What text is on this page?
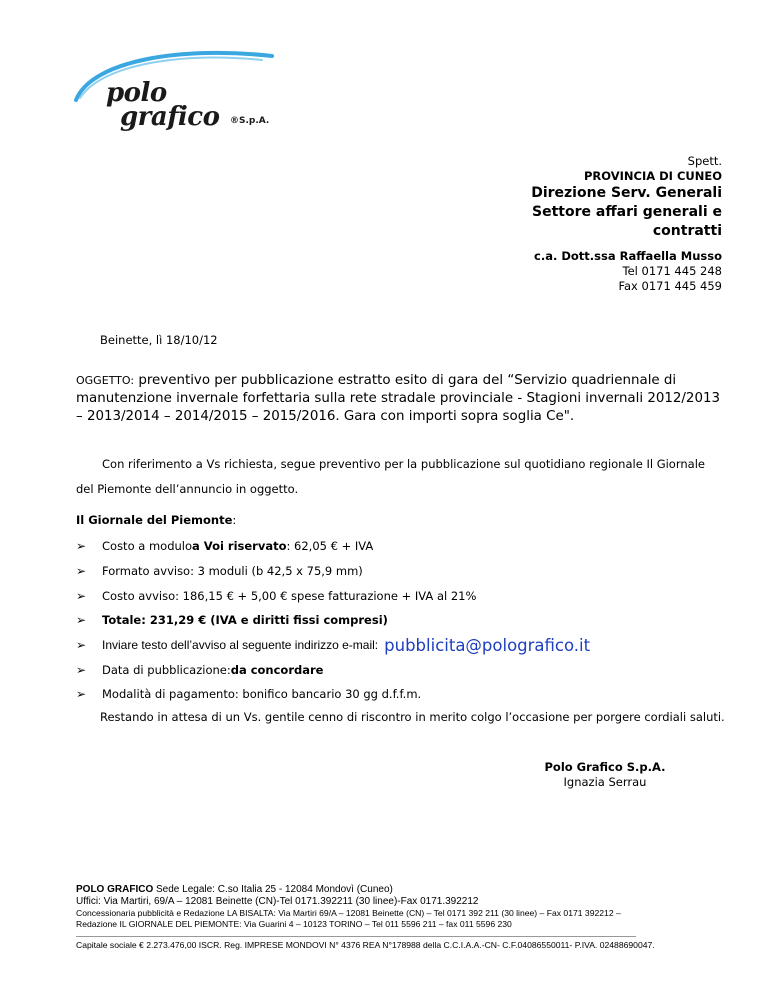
polo
grafico ®S.p.A.
Spett.
PROVINCIA DI CUNEO
Direzione Serv. Generali
Settore affari generali e
contratti
c.a. Dott.ssa Raffaella Musso
Tel 0171 445 248
Fax 0171 445 459
Beinette, lì 18/10/12
OGGETTO: preventivo per pubblicazione estratto esito di gara del “Servizio quadriennale di manutenzione invernale forfettaria sulla rete stradale provinciale - Stagioni invernali 2012/2013 – 2013/2014 – 2014/2015 – 2015/2016. Gara con importi sopra soglia Ce".
Con riferimento a Vs richiesta, segue preventivo per la pubblicazione sul quotidiano regionale Il Giornale del Piemonte dell’annuncio in oggetto.
Il Giornale del Piemonte:
➢	Costo a modulo a Voi riservato : 62,05 € + IVA
➢	Formato avviso: 3 moduli (b 42,5 x 75,9 mm)
➢	Costo avviso: 186,15 € + 5,00 € spese fatturazione + IVA al 21%
➢	Totale: 231,29 € (IVA e diritti fissi compresi)
➢	Inviare testo dell’avviso al seguente indirizzo e-mail: pubblicita@polografico.it
➢	Data di pubblicazione: da concordare
➢	Modalità di pagamento: bonifico bancario 30 gg d.f.f.m.
Restando in attesa di un Vs. gentile cenno di riscontro in merito colgo l’occasione per porgere cordiali saluti.
Polo Grafico S.p.A.
Ignazia Serrau
POLO GRAFICO Sede Legale: C.so Italia 25 - 12084 Mondovì (Cuneo)
Uffici: Via Martiri, 69/A – 12081 Beinette (CN)-Tel 0171.392211 (30 linee)-Fax 0171.392212
Concessionaria pubblicità e Redazione LA BISALTA: Via Martiri 69/A – 12081 Beinette (CN) – Tel 0171 392 211 (30 linee) – Fax 0171 392212 –
Redazione IL GIORNALE DEL PIEMONTE: Via Guarini 4 – 10123 TORINO – Tel 011 5596 211 – fax 011 5596 230
Capitale sociale € 2.273.476,00 ISCR. Reg. IMPRESE MONDOVI N° 4376 REA N°178988 della C.C.I.A.A.-CN- C.F.04086550011- P.IVA. 02488690047.
